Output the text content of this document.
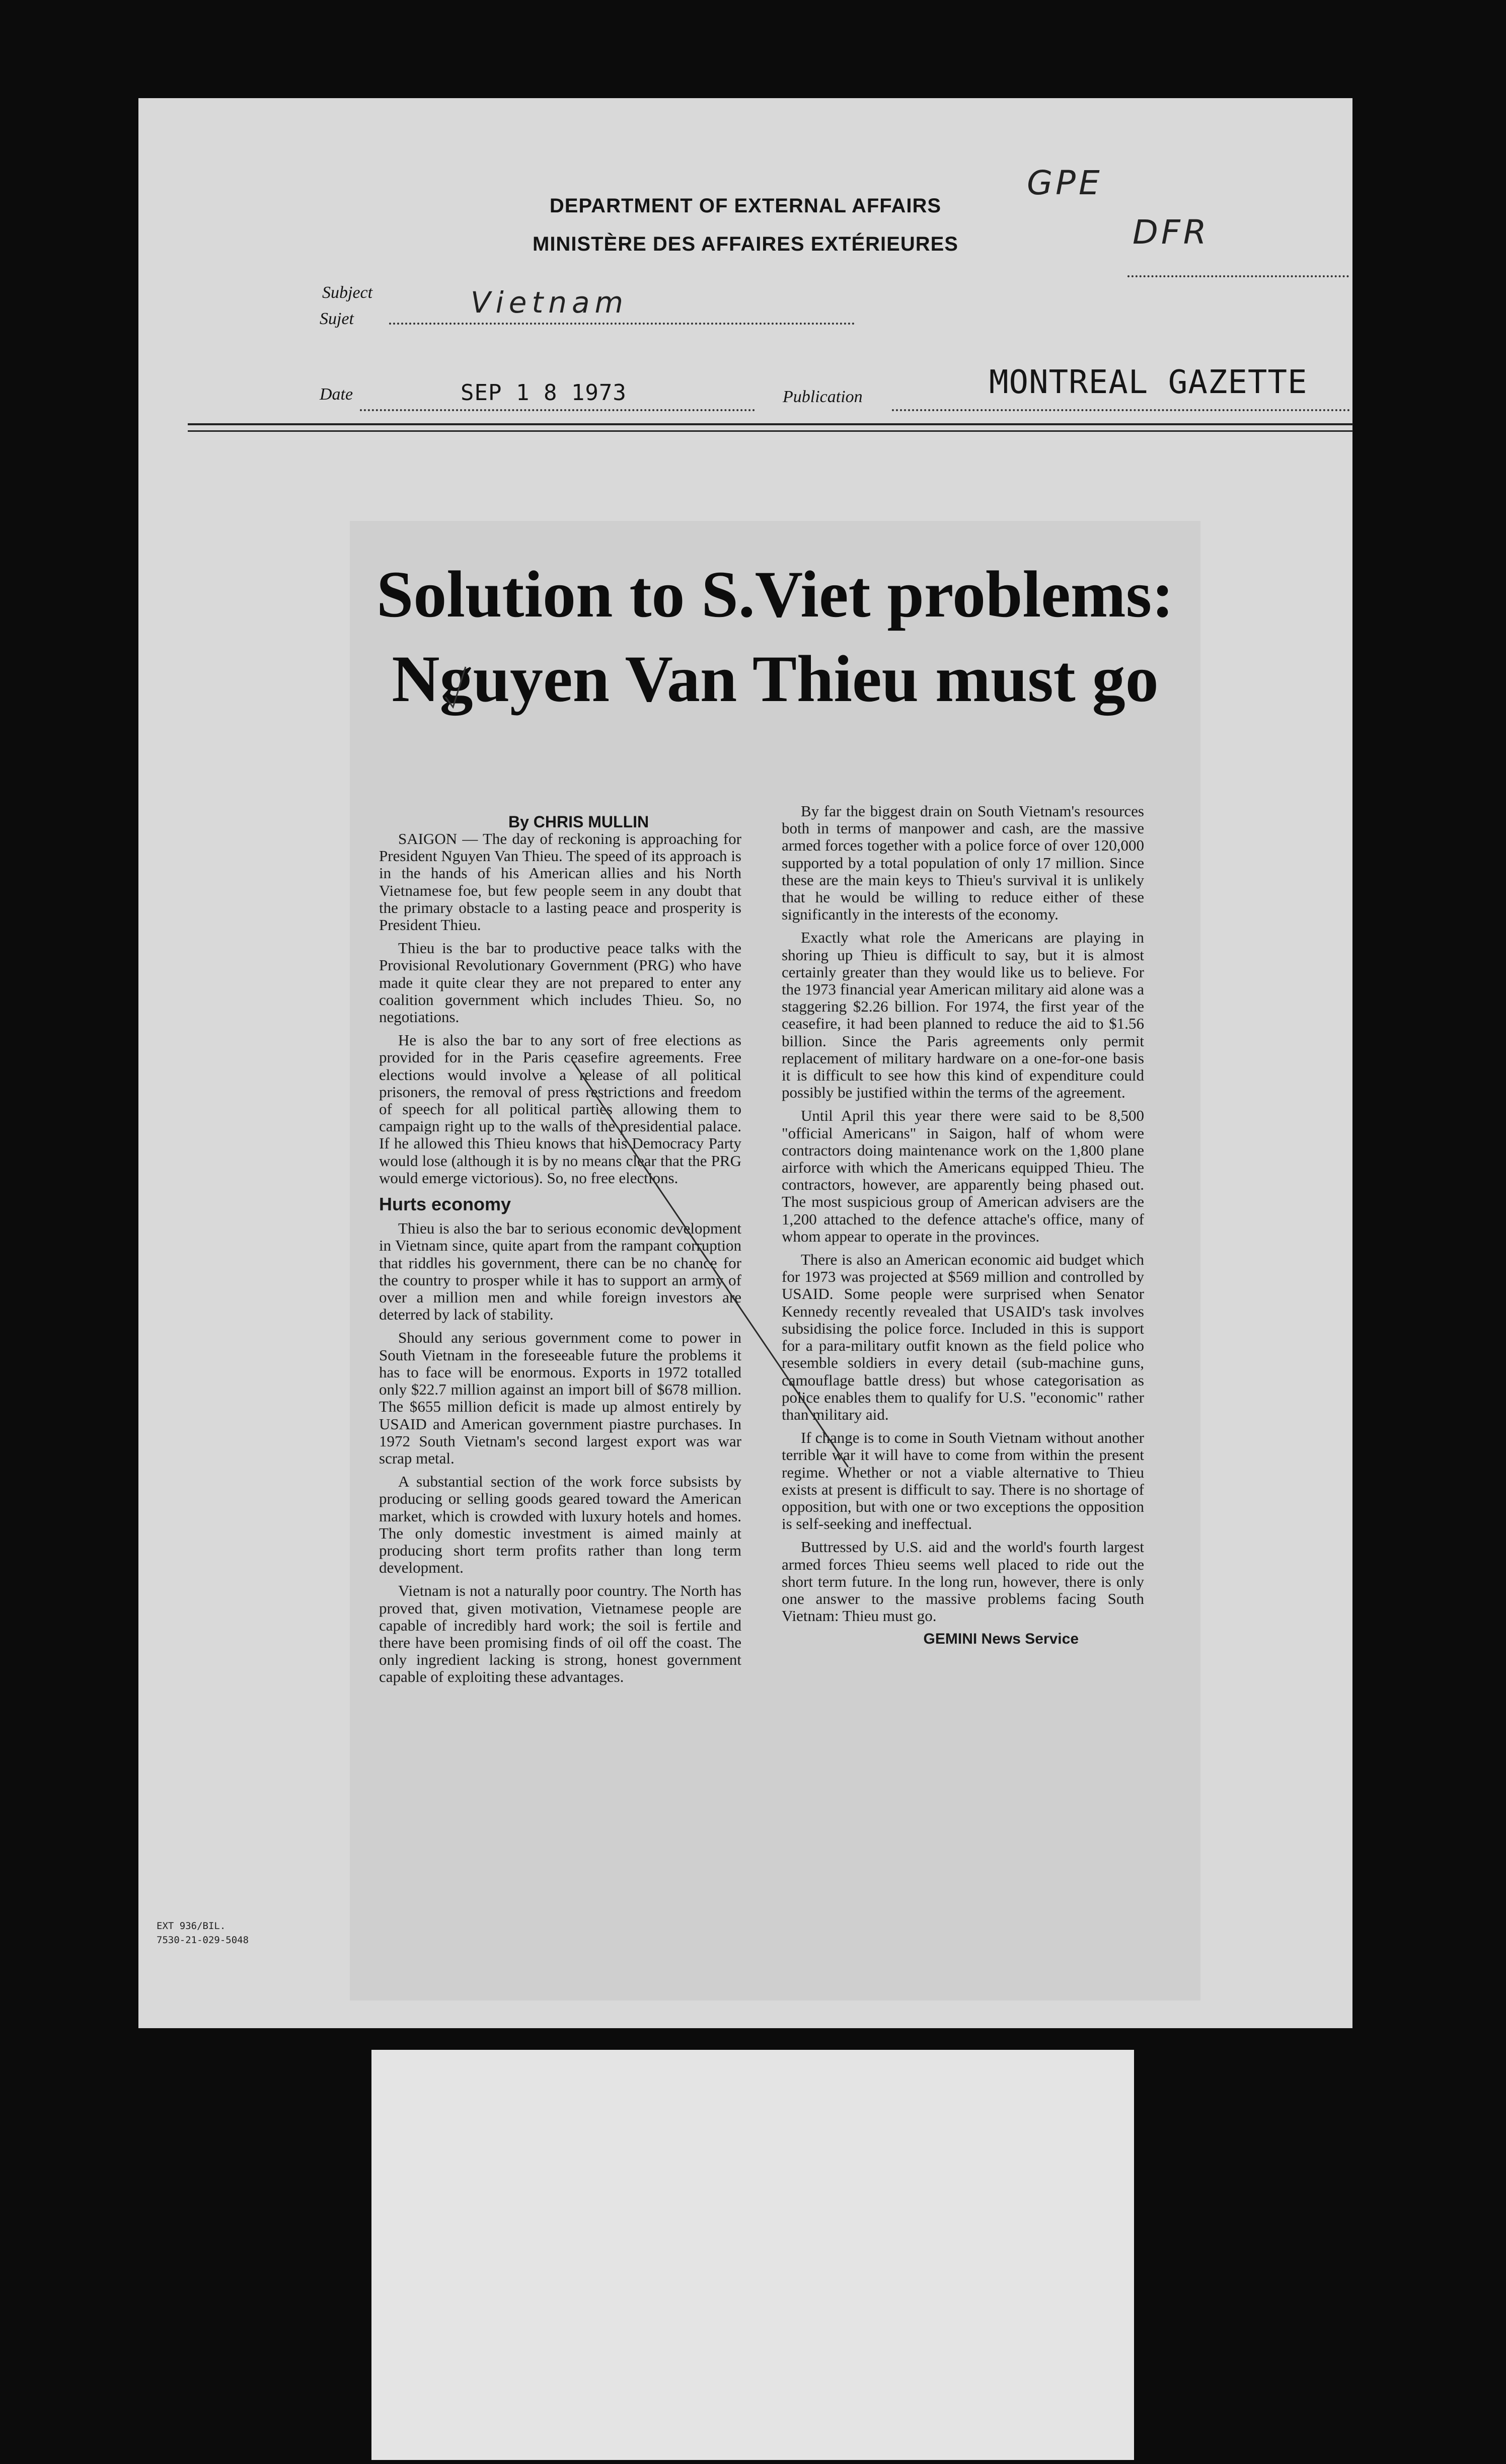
DEPARTMENT OF EXTERNAL AFFAIRS
MINISTÈRE DES AFFAIRES EXTÉRIEURES
GPE
DFR
Subject
Sujet	Vietnam
Date	SEP 1 8 1973	Publication	MONTREAL GAZETTE
EXT 936/BIL.
7530-21-029-5048
Solution to S.Viet problems:
Nguyen Van Thieu must go
By CHRIS MULLIN

SAIGON — The day of reckoning is approaching for President Nguyen Van Thieu. The speed of its approach is in the hands of his American allies and his North Vietnamese foe, but few people seem in any doubt that the primary obstacle to a lasting peace and prosperity is President Thieu.

Thieu is the bar to productive peace talks with the Provisional Revolutionary Government (PRG) who have made it quite clear they are not prepared to enter any coalition government which includes Thieu. So, no negotiations.

He is also the bar to any sort of free elections as provided for in the Paris ceasefire agreements. Free elections would involve a release of all political prisoners, the removal of press restrictions and freedom of speech for all political parties allowing them to campaign right up to the walls of the presidential palace. If he allowed this Thieu knows that his Democracy Party would lose (although it is by no means clear that the PRG would emerge victorious). So, no free elections.

Hurts economy

Thieu is also the bar to serious economic development in Vietnam since, quite apart from the rampant corruption that riddles his government, there can be no chance for the country to prosper while it has to support an army of over a million men and while foreign investors are deterred by lack of stability.

Should any serious government come to power in South Vietnam in the foreseeable future the problems it has to face will be enormous. Exports in 1972 totalled only $22.7 million against an import bill of $678 million. The $655 million deficit is made up almost entirely by USAID and American government piastre purchases. In 1972 South Vietnam's second largest export was war scrap metal.

A substantial section of the work force subsists by producing or selling goods geared toward the American market, which is crowded with luxury hotels and homes. The only domestic investment is aimed mainly at producing short term profits rather than long term development.

Vietnam is not a naturally poor country. The North has proved that, given motivation, Vietnamese people are capable of incredibly hard work; the soil is fertile and there have been promising finds of oil off the coast. The only ingredient lacking is strong, honest government capable of exploiting these advantages.

By far the biggest drain on South Vietnam's resources both in terms of manpower and cash, are the massive armed forces together with a police force of over 120,000 supported by a total population of only 17 million. Since these are the main keys to Thieu's survival it is unlikely that he would be willing to reduce either of these significantly in the interests of the economy.

Exactly what role the Americans are playing in shoring up Thieu is difficult to say, but it is almost certainly greater than they would like us to believe. For the 1973 financial year American military aid alone was a staggering $2.26 billion. For 1974, the first year of the ceasefire, it had been planned to reduce the aid to $1.56 billion. Since the Paris agreements only permit replacement of military hardware on a one-for-one basis it is difficult to see how this kind of expenditure could possibly be justified within the terms of the agreement.

Until April this year there were said to be 8,500 "official Americans" in Saigon, half of whom were contractors doing maintenance work on the 1,800 plane airforce with which the Americans equipped Thieu. The contractors, however, are apparently being phased out. The most suspicious group of American advisers are the 1,200 attached to the defence attache's office, many of whom appear to operate in the provinces.

There is also an American economic aid budget which for 1973 was projected at $569 million and controlled by USAID. Some people were surprised when Senator Kennedy recently revealed that USAID's task involves subsidising the police force. Included in this is support for a para-military outfit known as the field police who resemble soldiers in every detail (sub-machine guns, camouflage battle dress) but whose categorisation as police enables them to qualify for U.S. "economic" rather than military aid.

If change is to come in South Vietnam without another terrible war it will have to come from within the present regime. Whether or not a viable alternative to Thieu exists at present is difficult to say. There is no shortage of opposition, but with one or two exceptions the opposition is self-seeking and ineffectual.

Buttressed by U.S. aid and the world's fourth largest armed forces Thieu seems well placed to ride out the short term future. In the long run, however, there is only one answer to the massive problems facing South Vietnam: Thieu must go.

GEMINI News Service
